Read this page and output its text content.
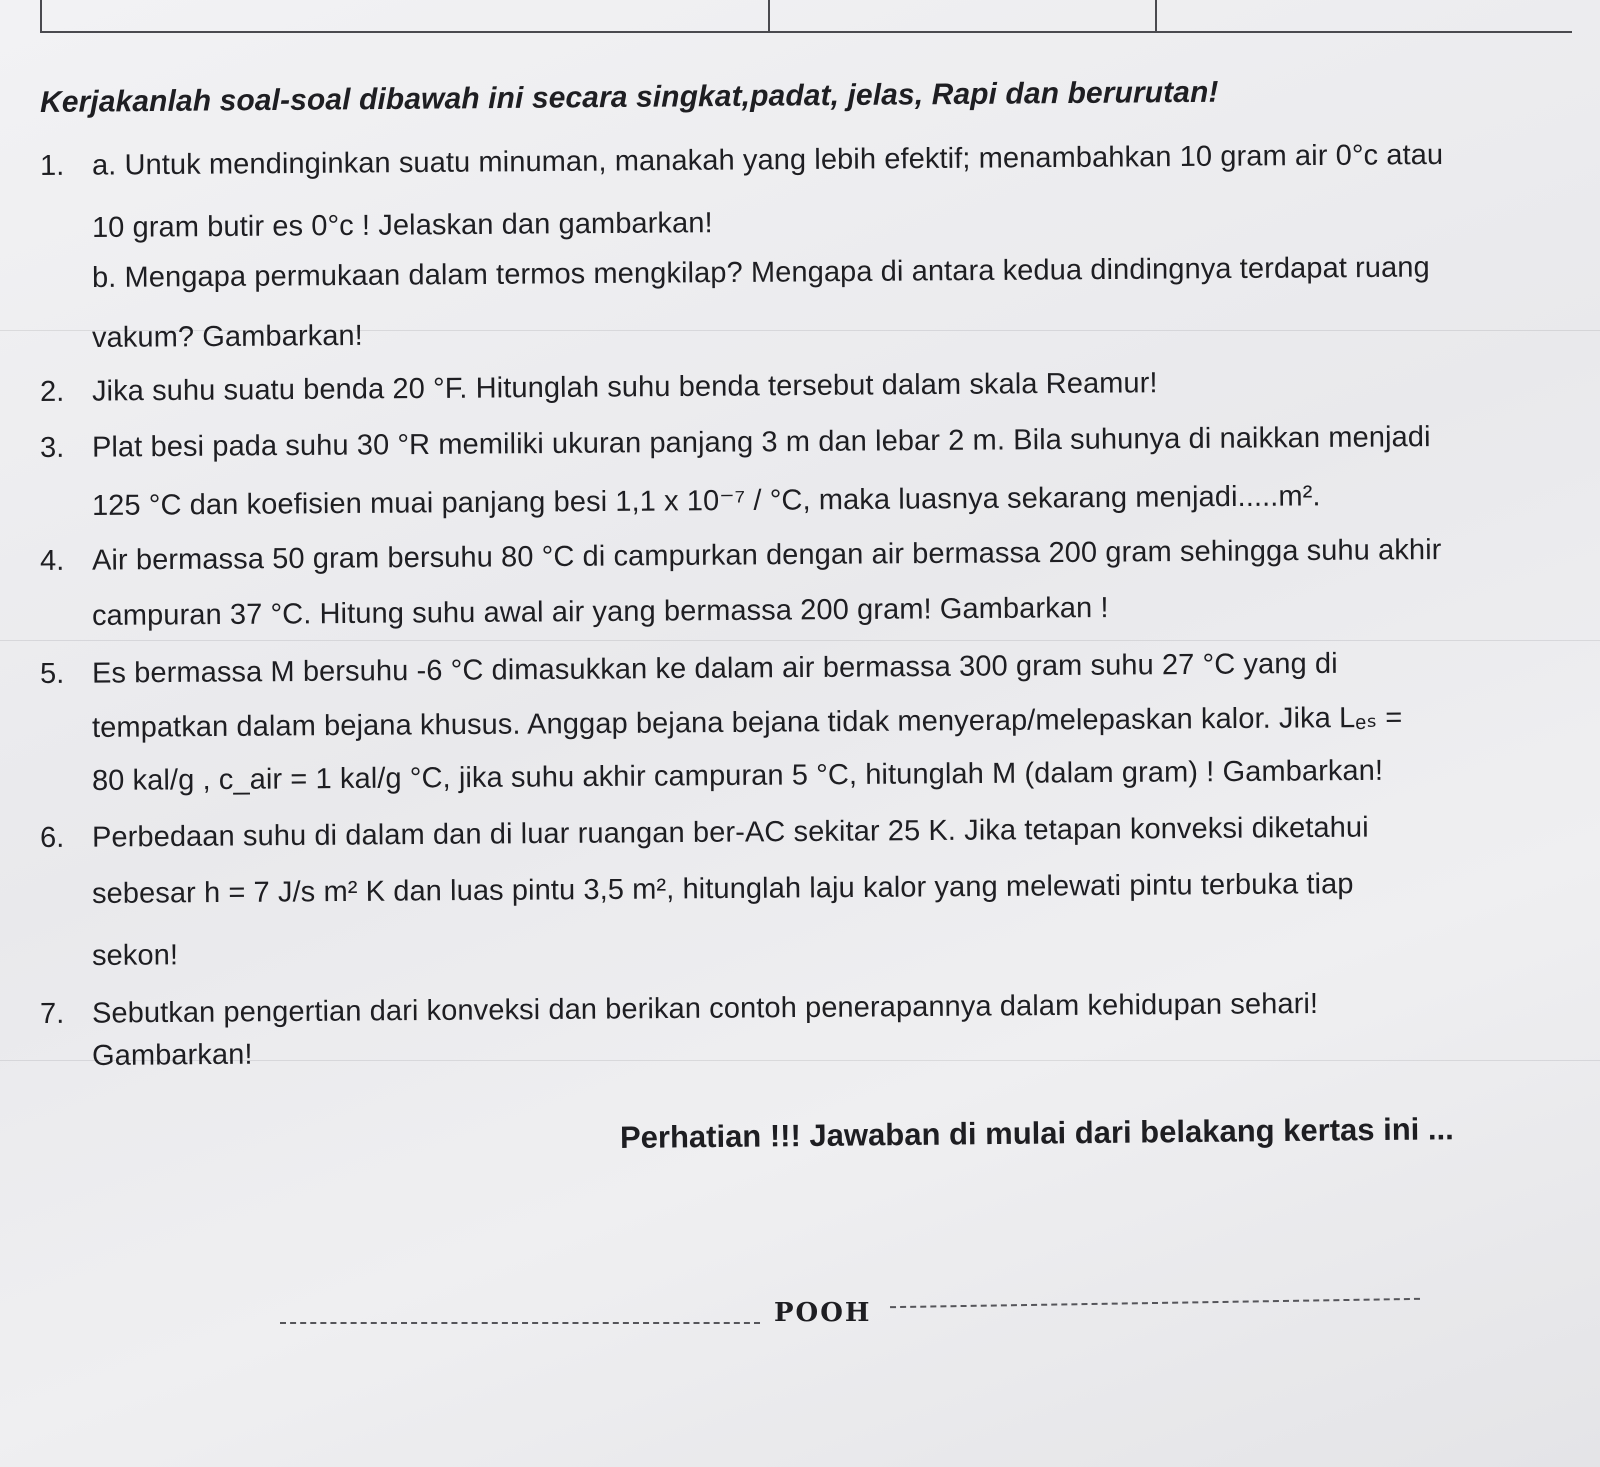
Kerjakanlah soal-soal dibawah ini secara singkat,padat, jelas, Rapi dan berurutan!
1. a. Untuk mendinginkan suatu minuman, manakah yang lebih efektif; menambahkan 10 gram air 0°c atau
10 gram butir es 0°c ! Jelaskan dan gambarkan!
b. Mengapa permukaan dalam termos mengkilap? Mengapa di antara kedua dindingnya terdapat ruang
vakum? Gambarkan!
2. Jika suhu suatu benda 20 °F. Hitunglah suhu benda tersebut dalam skala Reamur!
3. Plat besi pada suhu 30 °R memiliki ukuran panjang 3 m dan lebar 2 m. Bila suhunya di naikkan menjadi
125 °C dan koefisien muai panjang besi 1,1 x 10⁻⁷ / °C, maka luasnya sekarang menjadi.....m².
4. Air bermassa 50 gram bersuhu 80 °C di campurkan dengan air bermassa 200 gram sehingga suhu akhir
campuran 37 °C. Hitung suhu awal air yang bermassa 200 gram! Gambarkan !
5. Es bermassa M bersuhu -6 °C dimasukkan ke dalam air bermassa 300 gram suhu 27 °C yang di
tempatkan dalam bejana khusus. Anggap bejana bejana tidak menyerap/melepaskan kalor. Jika Lₑₛ =
80 kal/g , c_air = 1 kal/g °C, jika suhu akhir campuran 5 °C, hitunglah M (dalam gram) ! Gambarkan!
6. Perbedaan suhu di dalam dan di luar ruangan ber-AC sekitar 25 K. Jika tetapan konveksi diketahui
sebesar h = 7 J/s m² K dan luas pintu 3,5 m², hitunglah laju kalor yang melewati pintu terbuka tiap
sekon!
7. Sebutkan pengertian dari konveksi dan berikan contoh penerapannya dalam kehidupan sehari!
Gambarkan!
Perhatian !!! Jawaban di mulai dari belakang kertas ini ...
POOH
